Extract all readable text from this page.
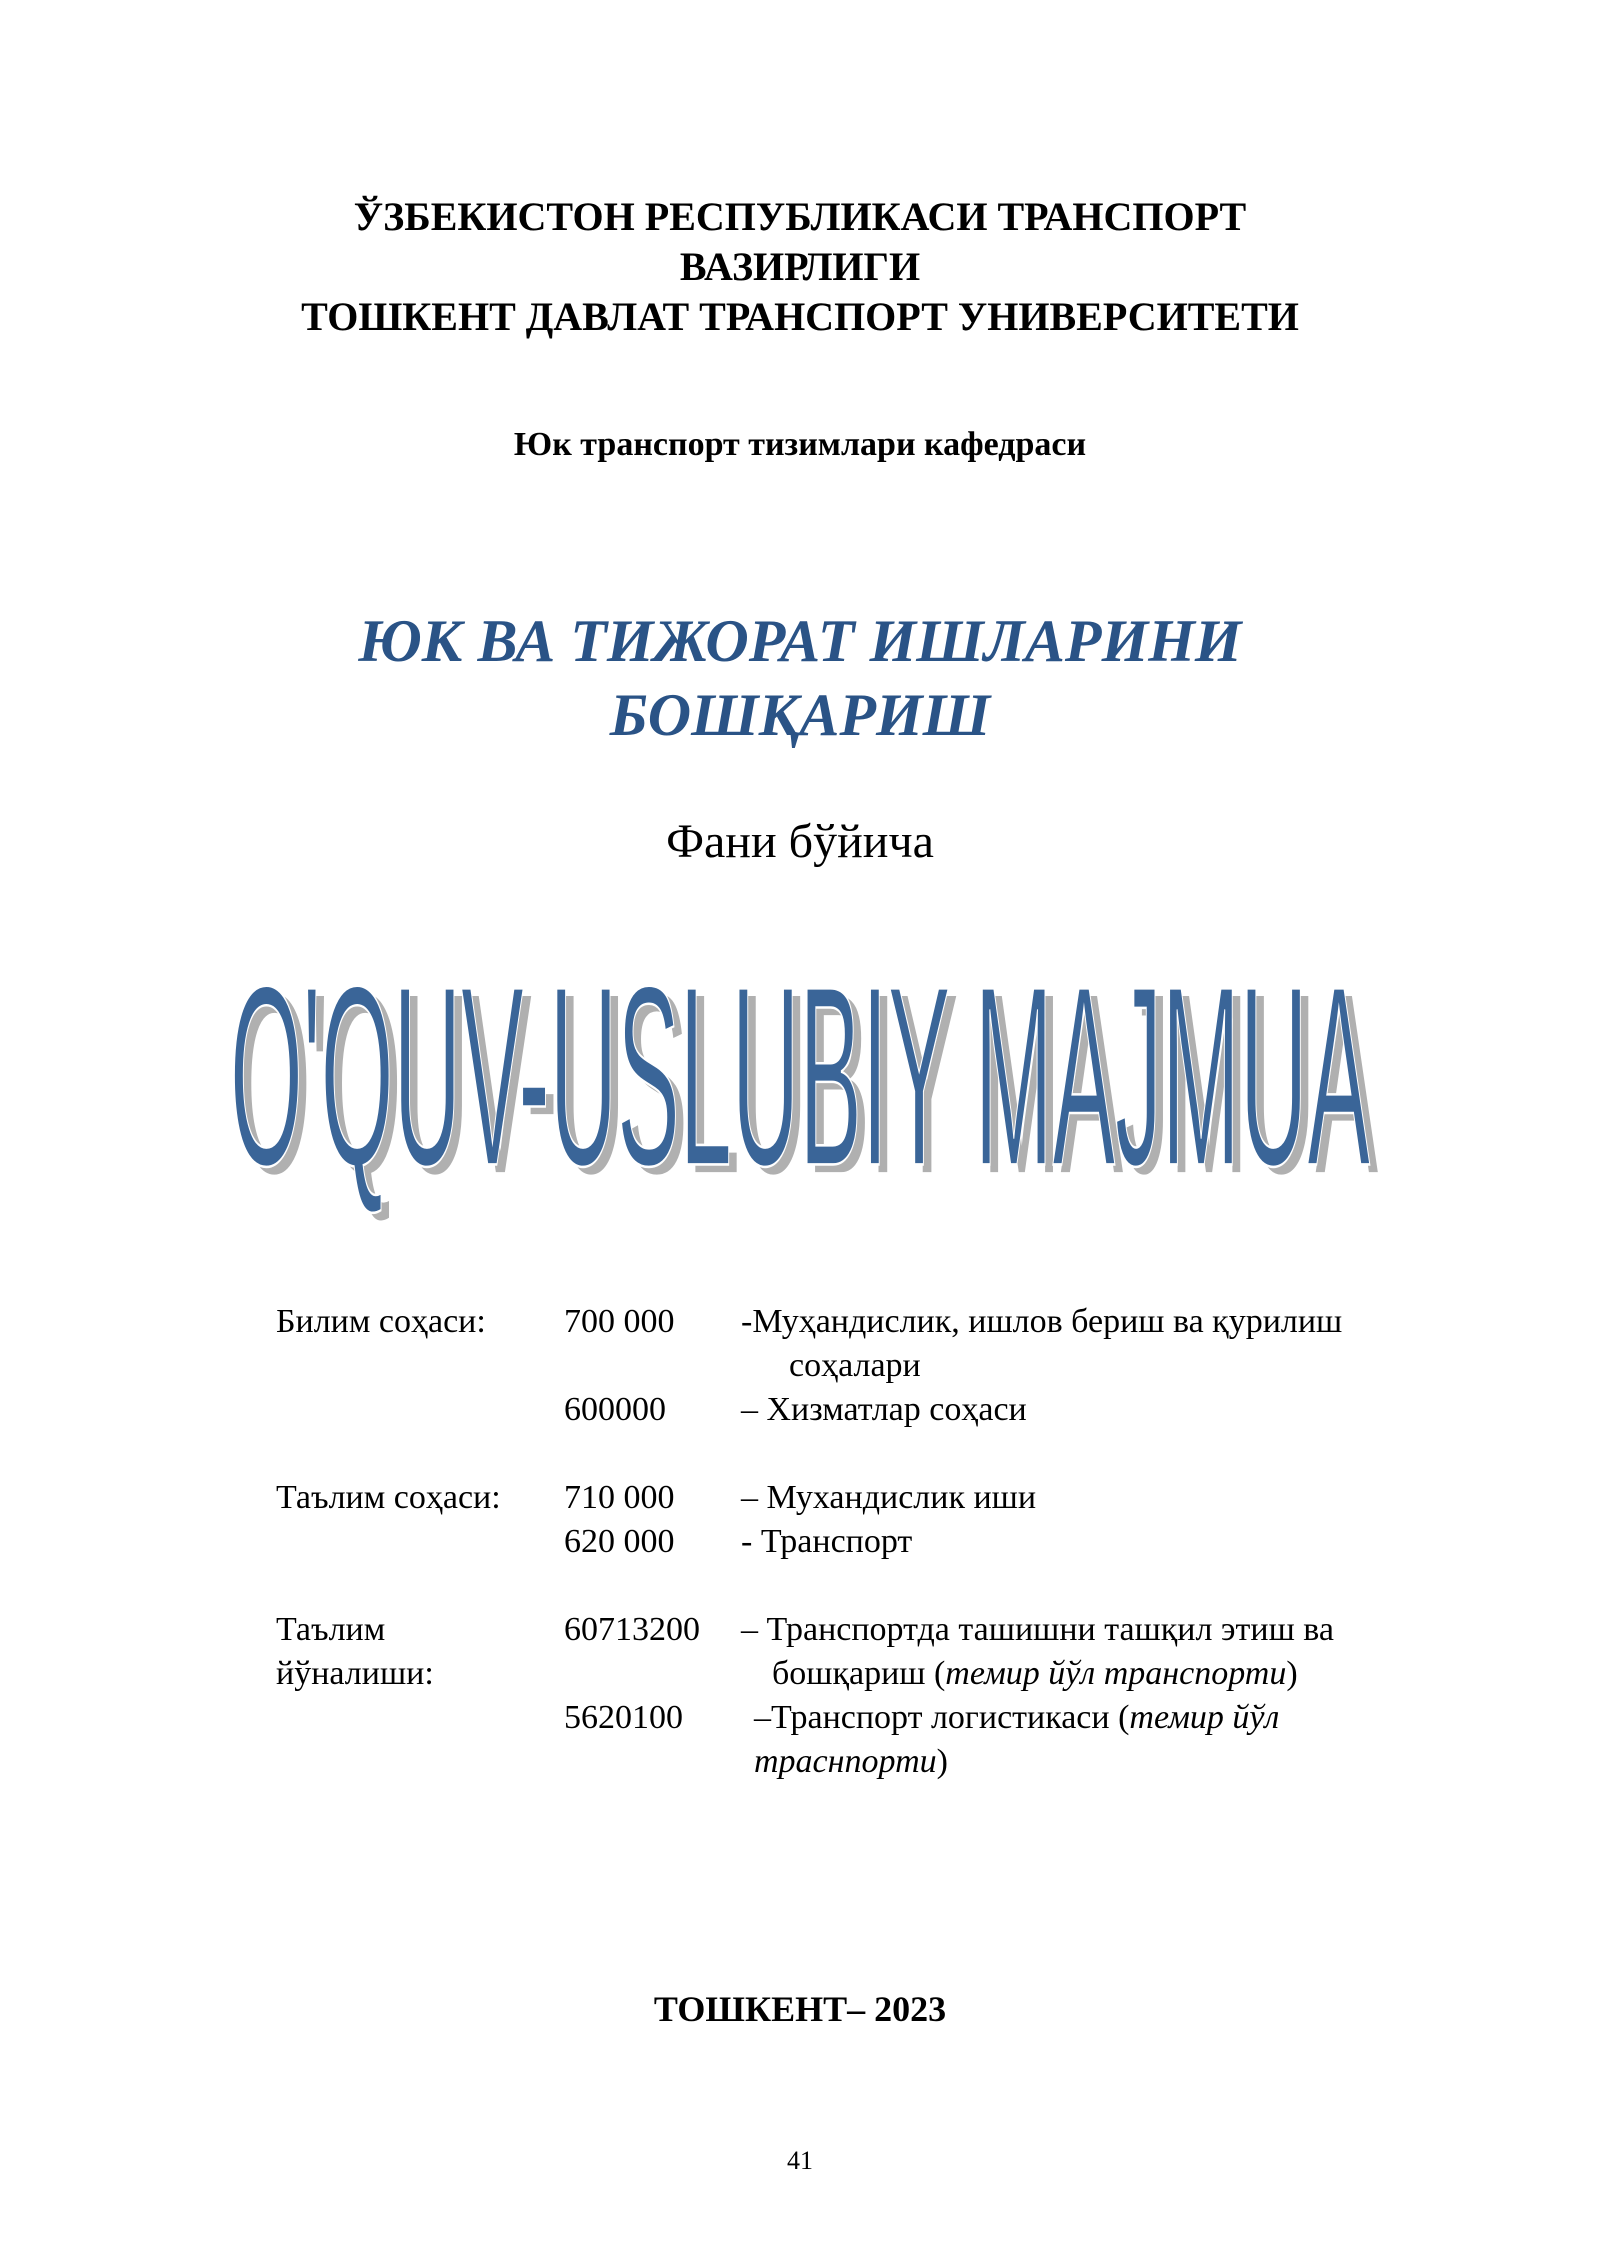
ЎЗБЕКИСТОН РЕСПУБЛИКАСИ ТРАНСПОРТ
ВАЗИРЛИГИ
ТОШКЕНТ ДАВЛАТ ТРАНСПОРТ УНИВЕРСИТЕТИ
Юк транспорт тизимлари кафедраси
ЮК ВА ТИЖОРАТ ИШЛАРИНИ
БОШҚАРИШ
Фани бўйича
O'QUV-USLUBIY MAJMUA
O'QUV-USLUBIY MAJMUA
Билим соҳаси: 700 000 -Муҳандислик, ишлов бериш ва қурилиш
соҳалари
600000 – Хизматлар соҳаси
Таълим соҳаси: 710 000 – Мухандислик иши
620 000 - Транспорт
Таълим	60713200 – Транспортда ташишни ташқил этиш ва
йўналиши:	бошқариш (темир йўл транспорти)
5620100 –Транспорт логистикаси (темир йўл
траснпорти)
ТОШКЕНТ– 2023
41
